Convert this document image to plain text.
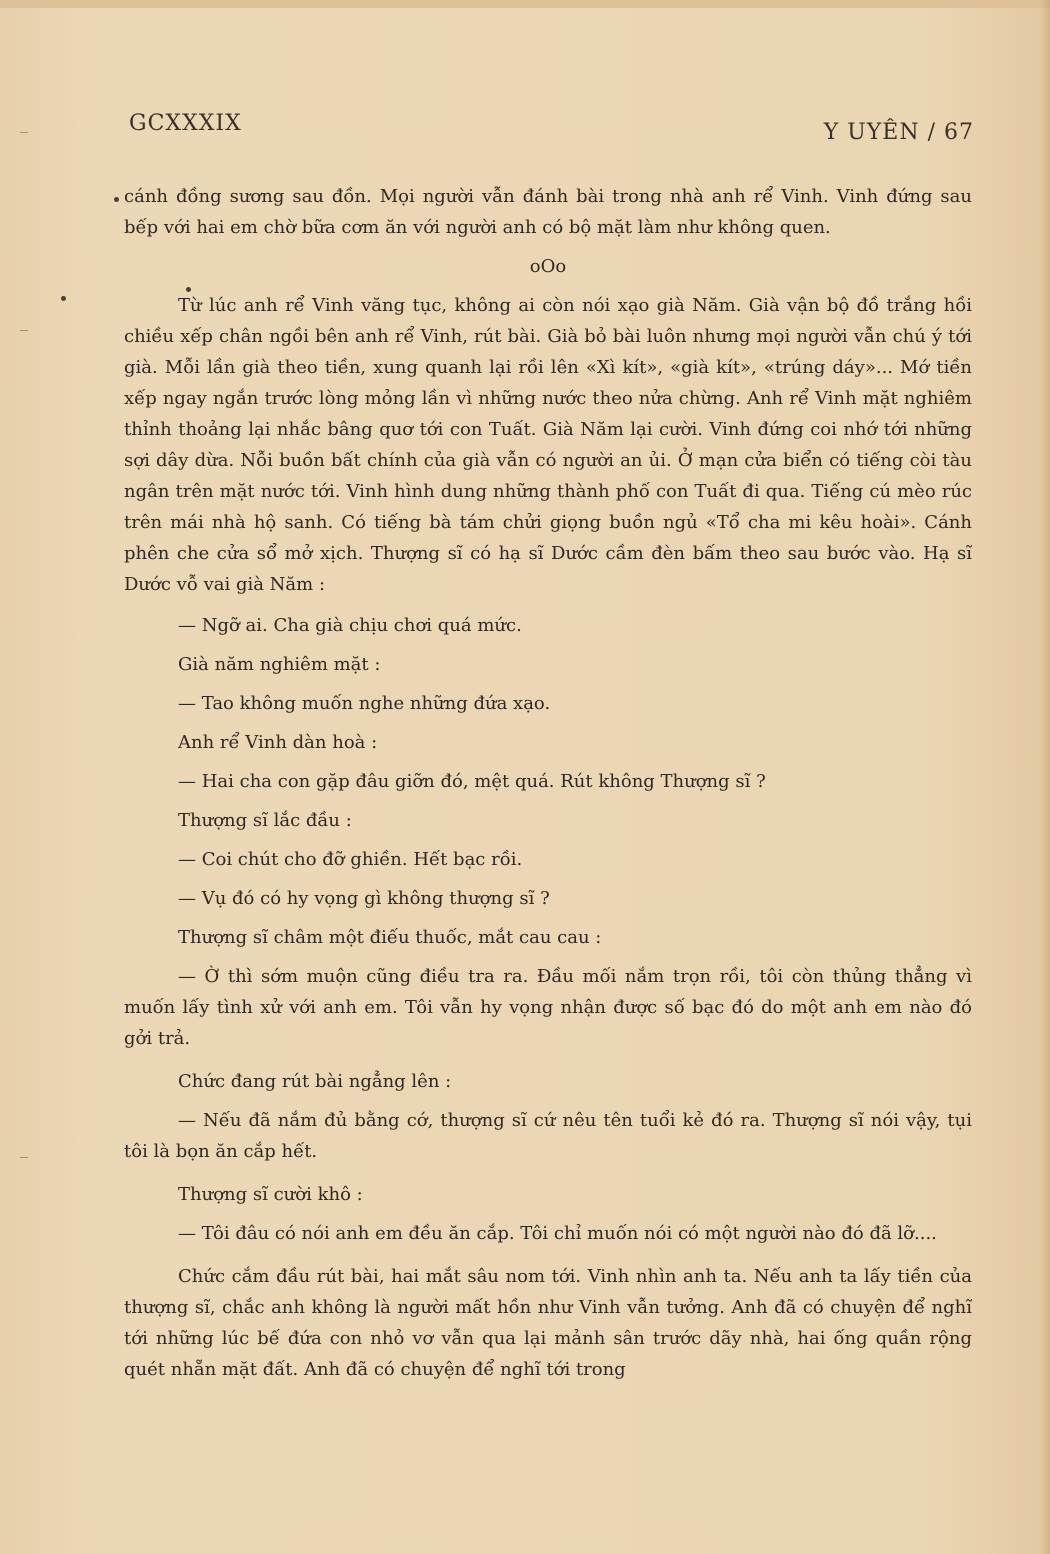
GCXXXIX	Y UYÊN / 67

cánh đồng sương sau đồn. Mọi người vẫn đánh bài trong nhà anh rể Vinh. Vinh đứng sau bếp với hai em chờ bữa cơm ăn với người anh có bộ mặt làm như không quen.

oOo

Từ lúc anh rể Vinh văng tục, không ai còn nói xạo già Năm. Già vận bộ đồ trắng hồi chiều xếp chân ngồi bên anh rể Vinh, rút bài. Già bỏ bài luôn nhưng mọi người vẫn chú ý tới già. Mỗi lần già theo tiền, xung quanh lại rồi lên «Xì kít», «già kít», «trúng dáy»... Mớ tiền xếp ngay ngắn trước lòng mỏng lần vì những nước theo nửa chừng. Anh rể Vinh mặt nghiêm thỉnh thoảng lại nhắc bâng quơ tới con Tuất. Già Năm lại cười. Vinh đứng coi nhớ tới những sợi dây dừa. Nỗi buồn bất chính của già vẫn có người an ủi. Ở mạn cửa biển có tiếng còi tàu ngân trên mặt nước tới. Vinh hình dung những thành phố con Tuất đi qua. Tiếng cú mèo rúc trên mái nhà hộ sanh. Có tiếng bà tám chửi giọng buồn ngủ «Tổ cha mi kêu hoài». Cánh phên che cửa sổ mở xịch. Thượng sĩ có hạ sĩ Dước cầm đèn bấm theo sau bước vào. Hạ sĩ Dước vỗ vai già Năm :

— Ngỡ ai. Cha già chịu chơi quá mức.

Già năm nghiêm mặt :

— Tao không muốn nghe những đứa xạo.

Anh rể Vinh dàn hoà :

— Hai cha con gặp đâu giỡn đó, mệt quá. Rút không Thượng sĩ ?

Thượng sĩ lắc đầu :

— Coi chút cho đỡ ghiền. Hết bạc rồi.

— Vụ đó có hy vọng gì không thượng sĩ ?

Thượng sĩ châm một điếu thuốc, mắt cau cau :

— Ờ thì sớm muộn cũng điều tra ra. Đầu mối nắm trọn rồi, tôi còn thủng thẳng vì muốn lấy tình xử với anh em. Tôi vẫn hy vọng nhận được số bạc đó do một anh em nào đó gởi trả.

Chức đang rút bài ngẳng lên :

— Nếu đã nắm đủ bằng cớ, thượng sĩ cứ nêu tên tuổi kẻ đó ra. Thượng sĩ nói vậy, tụi tôi là bọn ăn cắp hết.

Thượng sĩ cười khô :

— Tôi đâu có nói anh em đều ăn cắp. Tôi chỉ muốn nói có một người nào đó đã lỡ....

Chức cắm đầu rút bài, hai mắt sâu nom tới. Vinh nhìn anh ta. Nếu anh ta lấy tiền của thượng sĩ, chắc anh không là người mất hồn như Vinh vẫn tưởng. Anh đã có chuyện để nghĩ tới những lúc bế đứa con nhỏ vơ vẫn qua lại mảnh sân trước dãy nhà, hai ống quần rộng quét nhẵn mặt đất. Anh đã có chuyện để nghĩ tới trong
